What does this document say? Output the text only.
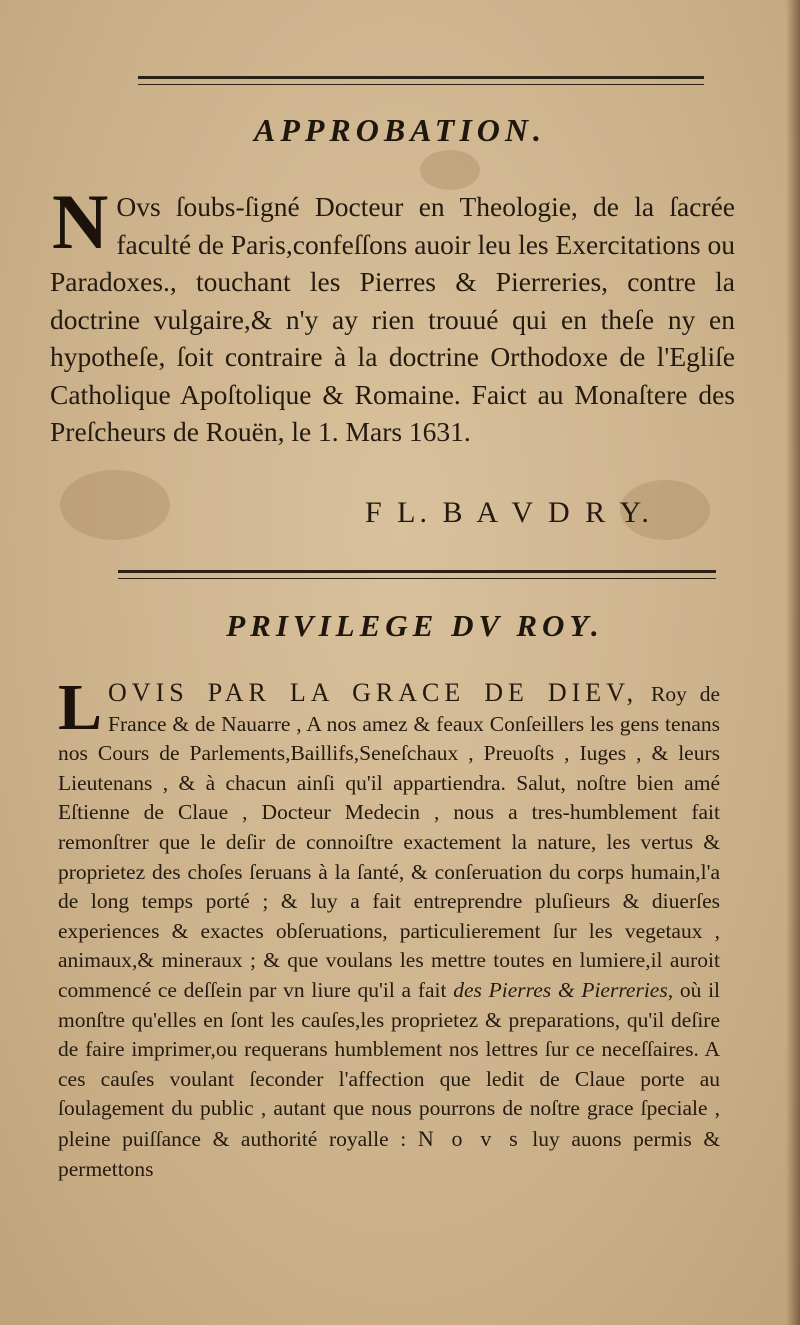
APPROBATION.
N Ovs ſoubs-ſigné Docteur en Theologie, de la ſacrée faculté de Paris,confeſſons auoir leu les Exercitations ou Paradoxes., touchant les Pierres & Pierreries, contre la doctrine vulgaire,& n'y ay rien trouué qui en theſe ny en hypotheſe, ſoit contraire à la doctrine Orthodoxe de l'Egliſe Catholique Apoſtolique & Romaine. Faict au Monaſtere des Preſcheurs de Rouën, le 1. Mars 1631.
F L. B A V D R Y.
PRIVILEGE DV ROY.
L OVIS PAR LA GRACE DE DIEV, Roy de France & de Nauarre , A nos amez & feaux Conſeillers les gens tenans nos Cours de Parlements,Baillifs,Seneſchaux , Preuoſts , Iuges , & leurs Lieutenans , & à chacun ainſi qu'il appartiendra. Salut, noſtre bien amé Eſtienne de Claue , Docteur Medecin , nous a tres-humblement fait remonſtrer que le deſir de connoiſtre exactement la nature, les vertus & proprietez des choſes ſeruans à la ſanté, & conſeruation du corps humain,l'a de long temps porté ; & luy a fait entreprendre pluſieurs & diuerſes experiences & exactes obſeruations, particulierement ſur les vegetaux , animaux,& mineraux ; & que voulans les mettre toutes en lumiere,il auroit commencé ce deſſein par vn liure qu'il a fait des Pierres & Pierreries, où il monſtre qu'elles en ſont les cauſes,les proprietez & preparations, qu'il deſire de faire imprimer,ou requerans humblement nos lettres ſur ce neceſſaires. A ces cauſes voulant ſeconder l'affection que ledit de Claue porte au ſoulagement du public , autant que nous pourrons de noſtre grace ſpeciale , pleine puiſſance & authorité royalle : N o v s luy auons permis & permettons
